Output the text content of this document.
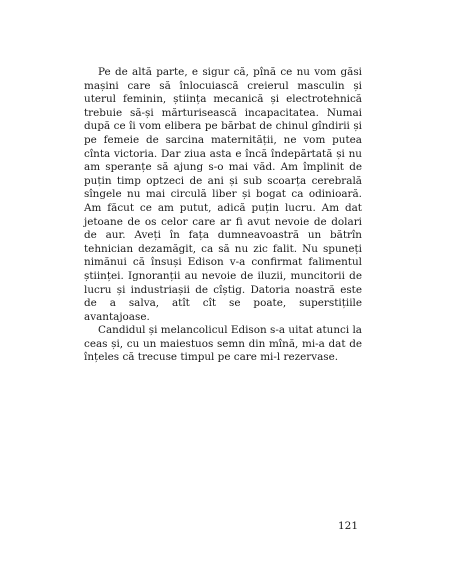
Pe de altă parte, e sigur că, pînă ce nu vom găsi mașini care să înlocuiască creierul masculin și uterul feminin, știința mecanică și electrotehnică trebuie să-și mărturisească incapacitatea. Numai după ce îi vom elibera pe bărbat de chinul gîndirii și pe femeie de sarcina maternității, ne vom putea cînta victoria. Dar ziua asta e încă îndepărtată și nu am speranțe să ajung s-o mai văd. Am împlinit de puțin timp optzeci de ani și sub scoarța cerebrală sîngele nu mai circulă liber și bogat ca odinioară. Am făcut ce am putut, adică puțin lucru. Am dat jetoane de os celor care ar fi avut nevoie de dolari de aur. Aveți în fața dumneavoastră un bătrîn tehnician dezamăgit, ca să nu zic falit. Nu spuneți nimănui că însuși Edison v-a confirmat falimentul științei. Ignoranții au nevoie de iluzii, muncitorii de lucru și industriașii de cîștig. Datoria noastră este de a salva, atît cît se poate, superstițiile avantajoase.

Candidul și melancolicul Edison s-a uitat atunci la ceas și, cu un maiestuos semn din mînă, mi-a dat de înțeles că trecuse timpul pe care mi-l rezervase.

121
